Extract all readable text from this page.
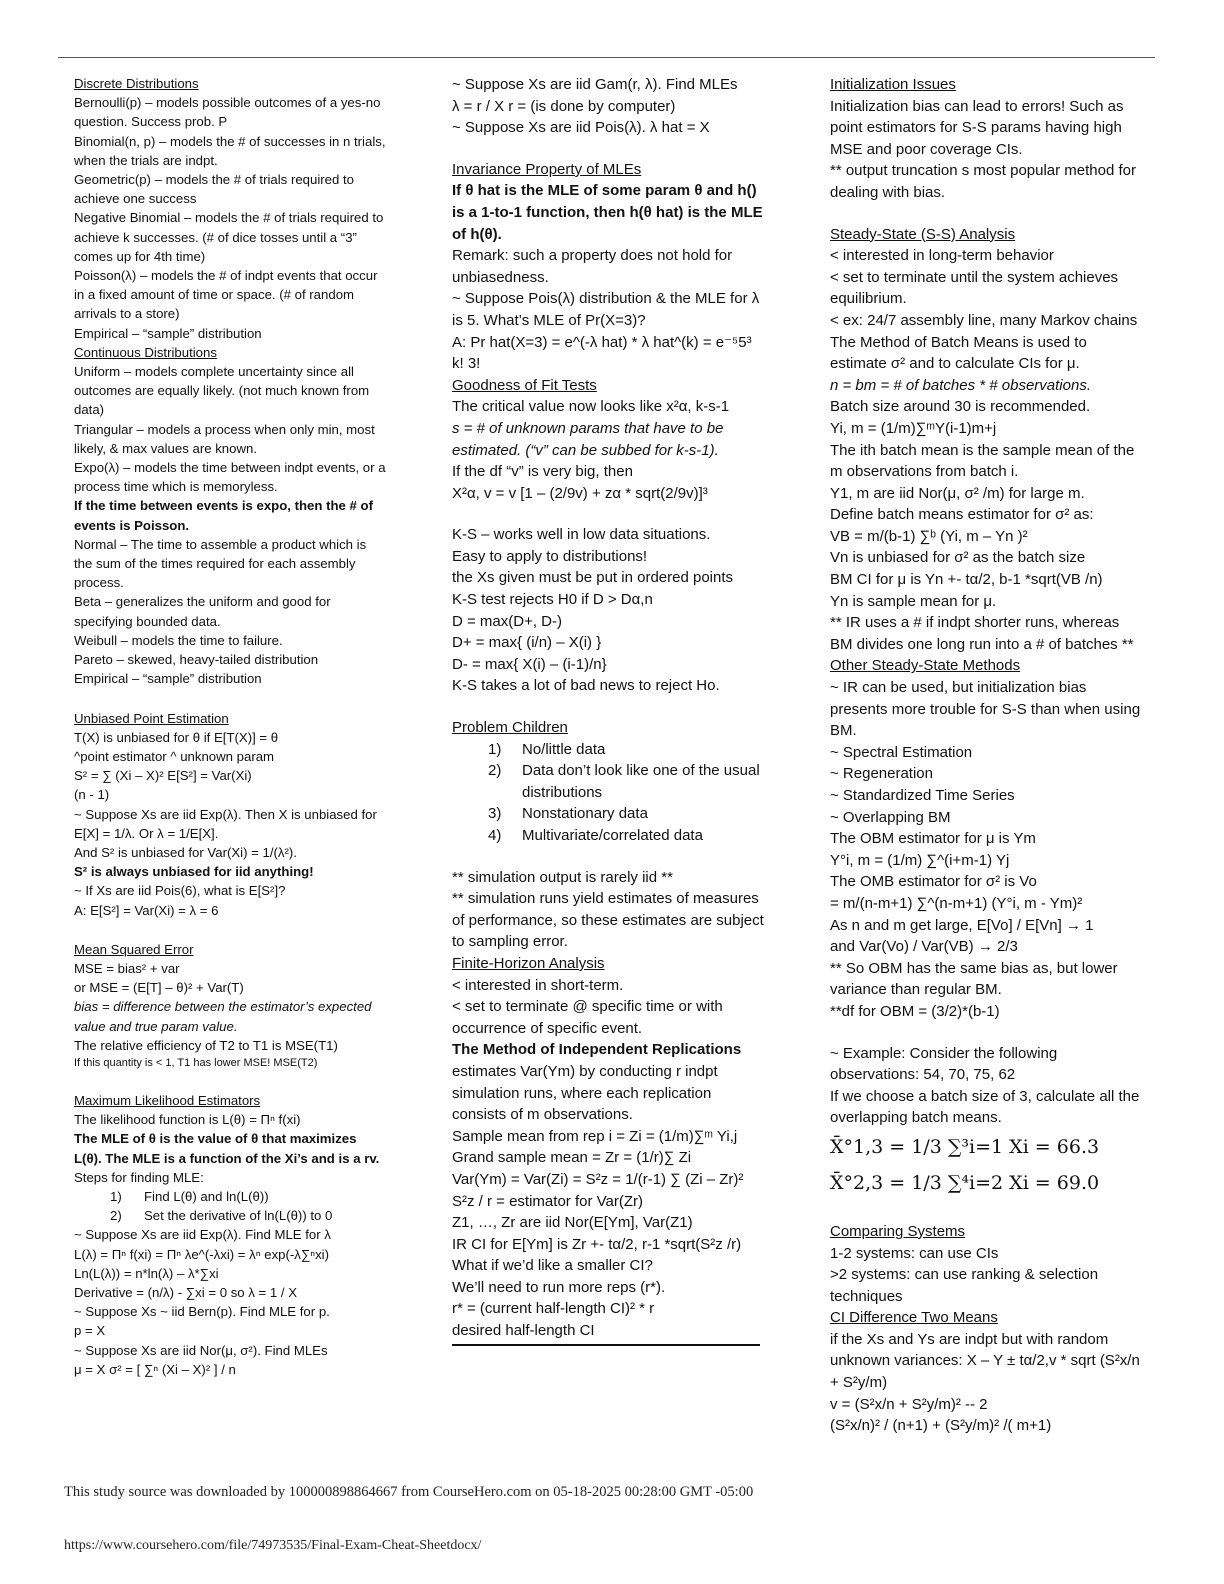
Discrete Distributions

Bernoulli(p) – models possible outcomes of a yes-no question. Success prob. P

Binomial(n, p) – models the # of successes in n trials, when the trials are indpt.

Geometric(p) – models the # of trials required to achieve one success

Negative Binomial – models the # of trials required to achieve k successes. (# of dice tosses until a “3” comes up for 4th time)

Poisson(λ) – models the # of indpt events that occur in a fixed amount of time or space. (# of random arrivals to a store)

Empirical – “sample” distribution

Continuous Distributions

Uniform – models complete uncertainty since all outcomes are equally likely. (not much known from data)

Triangular – models a process when only min, most likely, & max values are known.

Expo(λ) – models the time between indpt events, or a process time which is memoryless.

If the time between events is expo, then the # of events is Poisson.

Normal – The time to assemble a product which is the sum of the times required for each assembly process.

Beta – generalizes the uniform and good for specifying bounded data.

Weibull – models the time to failure.

Pareto – skewed, heavy-tailed distribution

Empirical – “sample” distribution

Unbiased Point Estimation

T(X) is unbiased for θ if E[T(X)] = θ

^point estimator ^ unknown param

S² = ∑ (Xi – X)² E[S²] = Var(Xi)

(n - 1)

~ Suppose Xs are iid Exp(λ). Then X is unbiased for E[X] = 1/λ. Or λ = 1/E[X].

And S² is unbiased for Var(Xi) = 1/(λ²).

S² is always unbiased for iid anything!

~ If Xs are iid Pois(6), what is E[S²]?

A: E[S²] = Var(Xi) = λ = 6

Mean Squared Error

MSE = bias² + var

or MSE = (E[T] – θ)² + Var(T)

bias = difference between the estimator’s expected value and true param value.

The relative efficiency of T2 to T1 is MSE(T1)

If this quantity is < 1, T1 has lower MSE! MSE(T2)

Maximum Likelihood Estimators

The likelihood function is L(θ) = Πⁿ f(xi)

The MLE of θ is the value of θ that maximizes L(θ). The MLE is a function of the Xi’s and is a rv.

Steps for finding MLE:

1)	Find L(θ) and ln(L(θ))
2)	Set the derivative of ln(L(θ)) to 0

~ Suppose Xs are iid Exp(λ). Find MLE for λ

L(λ) = Πⁿ f(xi) = Πⁿ λe^(-λxi) = λⁿ exp(-λ∑ⁿxi)

Ln(L(λ)) = n*ln(λ) – λ*∑xi

Derivative = (n/λ) - ∑xi = 0 so λ = 1 / X

~ Suppose Xs ~ iid Bern(p). Find MLE for p.

p = X

~ Suppose Xs are iid Nor(μ, σ²). Find MLEs

μ = X σ² = [ ∑ⁿ (Xi – X)² ] / n

~ Suppose Xs are iid Gam(r, λ). Find MLEs

λ = r / X r = (is done by computer)

~ Suppose Xs are iid Pois(λ). λ hat = X

Invariance Property of MLEs

If θ hat is the MLE of some param θ and h() is a 1-to-1 function, then h(θ hat) is the MLE of h(θ).

Remark: such a property does not hold for unbiasedness.

~ Suppose Pois(λ) distribution & the MLE for λ is 5. What’s MLE of Pr(X=3)?

A: Pr hat(X=3) = e^(-λ hat) * λ hat^(k) = e⁻⁵5³

k! 3!

Goodness of Fit Tests

The critical value now looks like x²α, k-s-1

s = # of unknown params that have to be estimated. (“v” can be subbed for k-s-1).

If the df “v” is very big, then

X²α, v = v [1 – (2/9v) + zα * sqrt(2/9v)]³

K-S – works well in low data situations.

Easy to apply to distributions!

the Xs given must be put in ordered points

K-S test rejects H0 if D > Dα,n

D = max(D+, D-)

D+ = max{ (i/n) – X(i) }

D- = max{ X(i) – (i-1)/n}

K-S takes a lot of bad news to reject Ho.

Problem Children

1)	No/little data
2)	Data don’t look like one of the usual distributions
3)	Nonstationary data
4)	Multivariate/correlated data

** simulation output is rarely iid **

** simulation runs yield estimates of measures of performance, so these estimates are subject to sampling error.

Finite-Horizon Analysis

< interested in short-term.

< set to terminate @ specific time or with occurrence of specific event.

The Method of Independent Replications

estimates Var(Ym) by conducting r indpt simulation runs, where each replication consists of m observations.

Sample mean from rep i = Zi = (1/m)∑ᵐ Yi,j

Grand sample mean = Zr = (1/r)∑ Zi

Var(Ym) = Var(Zi) = S²z = 1/(r-1) ∑ (Zi – Zr)²

S²z / r = estimator for Var(Zr)

Z1, …, Zr are iid Nor(E[Ym], Var(Z1)

IR CI for E[Ym] is Zr +- tα/2, r-1 *sqrt(S²z /r)

What if we’d like a smaller CI?

We’ll need to run more reps (r*).

r* = (current half-length CI)² * r

desired half-length CI

Initialization Issues

Initialization bias can lead to errors! Such as point estimators for S-S params having high MSE and poor coverage CIs.

** output truncation s most popular method for dealing with bias.

Steady-State (S-S) Analysis

< interested in long-term behavior

< set to terminate until the system achieves equilibrium.

< ex: 24/7 assembly line, many Markov chains

The Method of Batch Means is used to estimate σ² and to calculate CIs for μ.

n = bm = # of batches * # observations.

Batch size around 30 is recommended.

Yi, m = (1/m)∑ᵐY(i-1)m+j

The ith batch mean is the sample mean of the m observations from batch i.

Y1, m are iid Nor(μ, σ² /m) for large m.

Define batch means estimator for σ² as:

VB = m/(b-1) ∑ᵇ (Yi, m – Yn )²

Vn is unbiased for σ² as the batch size

BM CI for μ is Yn +- tα/2, b-1 *sqrt(VB /n)

Yn is sample mean for μ.

** IR uses a # if indpt shorter runs, whereas BM divides one long run into a # of batches **

Other Steady-State Methods

~ IR can be used, but initialization bias presents more trouble for S-S than when using BM.

~ Spectral Estimation

~ Regeneration

~ Standardized Time Series

~ Overlapping BM

The OBM estimator for μ is Ym

Y°i, m = (1/m) ∑^(i+m-1) Yj

The OMB estimator for σ² is Vo

= m/(n-m+1) ∑^(n-m+1) (Y°i, m - Ym)²

As n and m get large, E[Vo] / E[Vn] → 1

and Var(Vo) / Var(VB) → 2/3

** So OBM has the same bias as, but lower variance than regular BM.

**df for OBM = (3/2)*(b-1)

~ Example: Consider the following observations: 54, 70, 75, 62

If we choose a batch size of 3, calculate all the overlapping batch means.

X̄°1,3 = 1/3 ∑³i=1 Xi = 66.3

X̄°2,3 = 1/3 ∑⁴i=2 Xi = 69.0

Comparing Systems

1-2 systems: can use CIs

>2 systems: can use ranking & selection techniques

CI Difference Two Means

if the Xs and Ys are indpt but with random unknown variances: X – Y ± tα/2,v * sqrt (S²x/n + S²y/m)

v = (S²x/n + S²y/m)² -- 2

(S²x/n)² / (n+1) + (S²y/m)² /( m+1)

This study source was downloaded by 100000898864667 from CourseHero.com on 05-18-2025 00:28:00 GMT -05:00
https://www.coursehero.com/file/74973535/Final-Exam-Cheat-Sheetdocx/
